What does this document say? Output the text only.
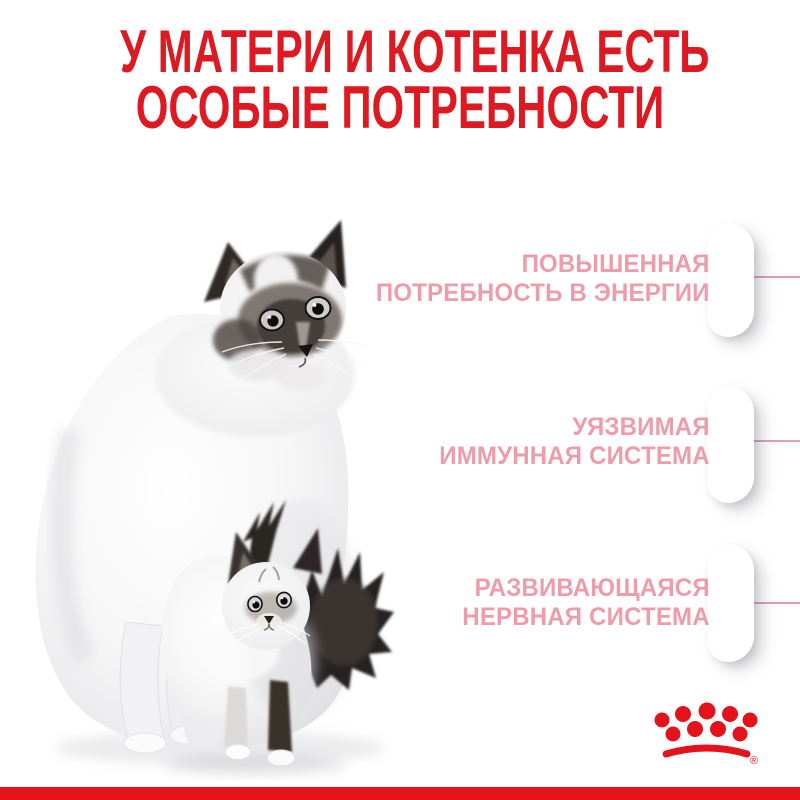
У МАТЕРИ И КОТЕНКА ЕСТЬ
ОСОБЫЕ ПОТРЕБНОСТИ
ПОВЫШЕННАЯ
ПОТРЕБНОСТЬ В ЭНЕРГИИ
УЯЗВИМАЯ
ИММУННАЯ СИСТЕМА
РАЗВИВАЮЩАЯСЯ
НЕРВНАЯ СИСТЕМА
®
